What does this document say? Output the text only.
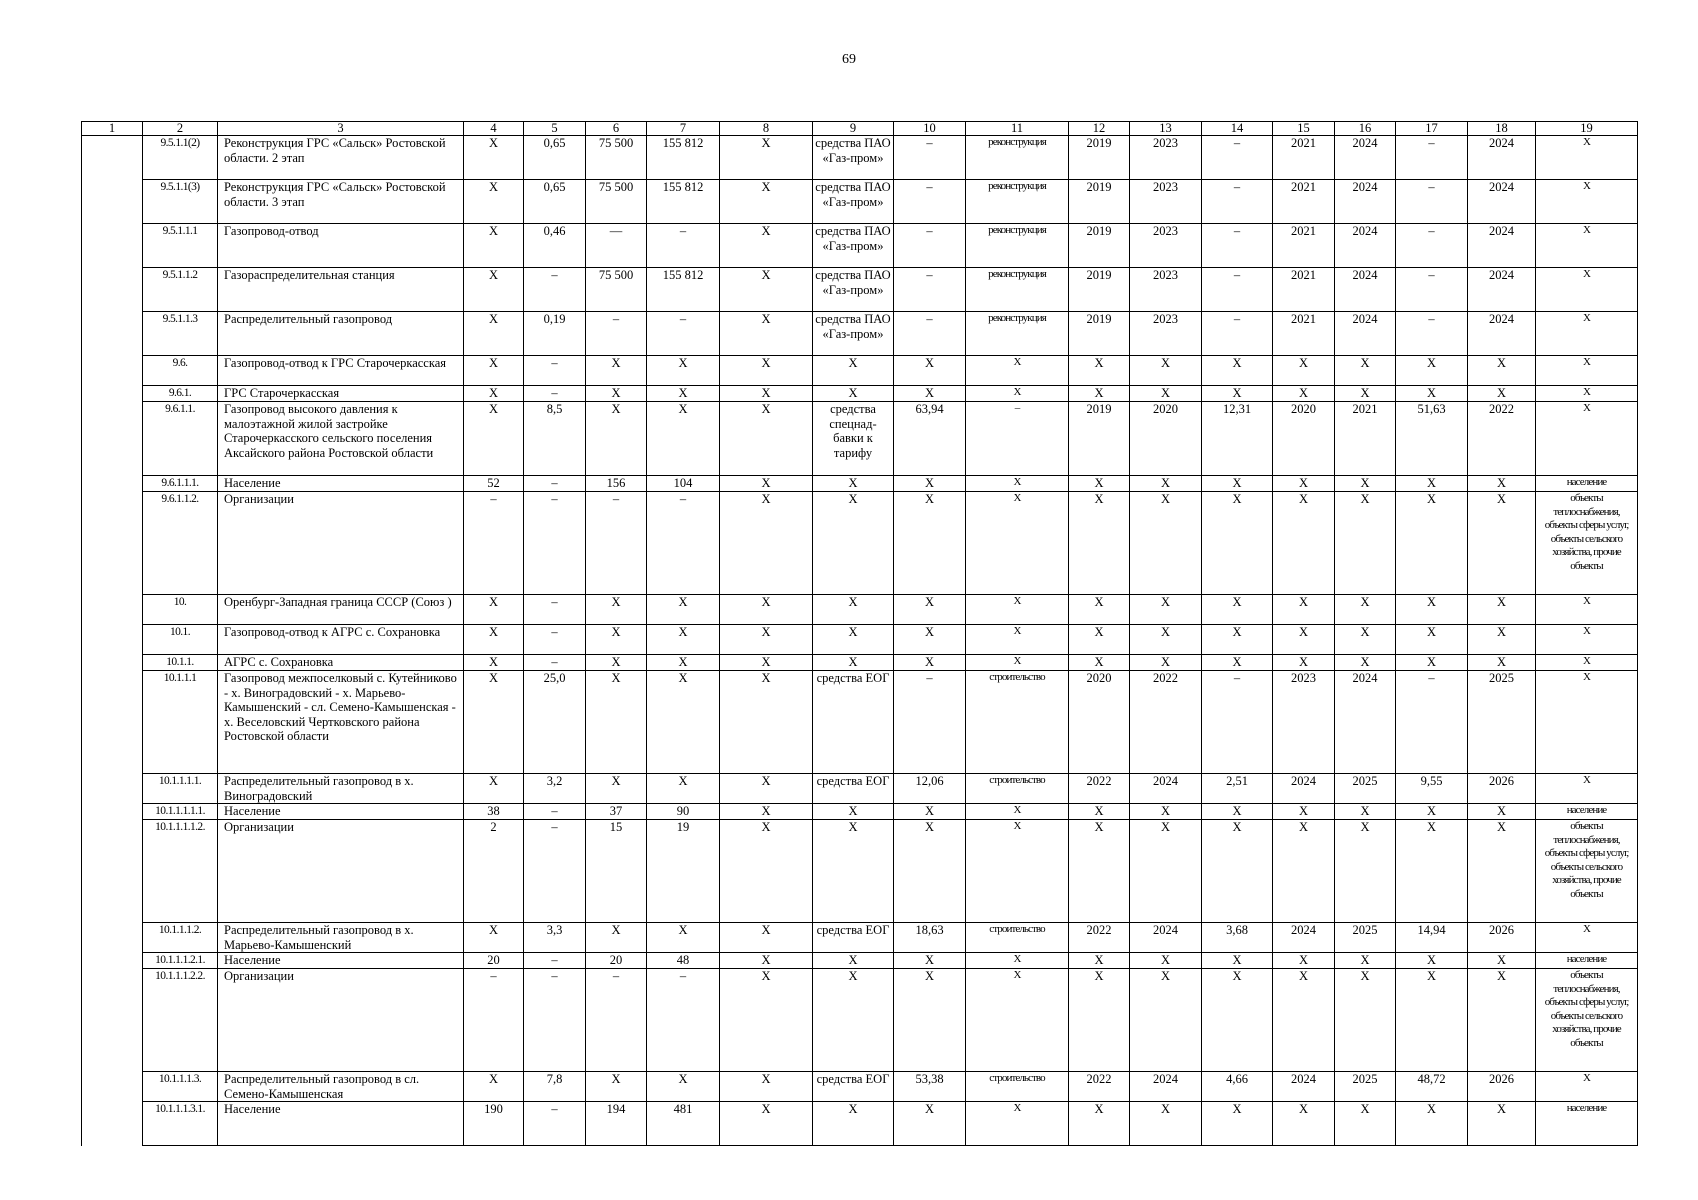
69
1	2	3	4	5	6	7	8	9	10	11	12	13	14	15	16	17	18	19
	9.5.1.1(2)	Реконструкция ГРС «Сальск» Ростовской области. 2 этап	Х	0,65	75 500	155 812	Х	средства ПАО «Газ-пром»	–	реконструкция	2019	2023	–	2021	2024	–	2024	Х
	9.5.1.1(3)	Реконструкция ГРС «Сальск» Ростовской области. 3 этап	Х	0,65	75 500	155 812	Х	средства ПАО «Газ-пром»	–	реконструкция	2019	2023	–	2021	2024	–	2024	Х
	9.5.1.1.1	Газопровод-отвод	Х	0,46	—	–	Х	средства ПАО «Газ-пром»	–	реконструкция	2019	2023	–	2021	2024	–	2024	Х
	9.5.1.1.2	Газораспределительная станция	Х	–	75 500	155 812	Х	средства ПАО «Газ-пром»	–	реконструкция	2019	2023	–	2021	2024	–	2024	Х
	9.5.1.1.3	Распределительный газопровод	Х	0,19	–	–	Х	средства ПАО «Газ-пром»	–	реконструкция	2019	2023	–	2021	2024	–	2024	Х
	9.6.	Газопровод-отвод к ГРС Старочеркасская	Х	–	Х	Х	Х	Х	Х	Х	Х	Х	Х	Х	Х	Х	Х	Х
	9.6.1.	ГРС Старочеркасская	Х	–	Х	Х	Х	Х	Х	Х	Х	Х	Х	Х	Х	Х	Х	Х
	9.6.1.1.	Газопровод высокого давления к малоэтажной жилой застройке Старочеркасского сельского поселения Аксайского района Ростовской области	Х	8,5	Х	Х	Х	средства спецнад-бавки к тарифу	63,94	–	2019	2020	12,31	2020	2021	51,63	2022	Х
	9.6.1.1.1.	Население	52	–	156	104	Х	Х	Х	Х	Х	Х	Х	Х	Х	Х	Х	население
	9.6.1.1.2.	Организации	–	–	–	–	Х	Х	Х	Х	Х	Х	Х	Х	Х	Х	Х	объекты теплоснабжения, объекты сферы услуг, объекты сельского хозяйства, прочие объекты
	10.	Оренбург-Западная граница СССР (Союз )	Х	–	Х	Х	Х	Х	Х	Х	Х	Х	Х	Х	Х	Х	Х	Х
	10.1.	Газопровод-отвод к АГРС с. Сохрановка	Х	–	Х	Х	Х	Х	Х	Х	Х	Х	Х	Х	Х	Х	Х	Х
	10.1.1.	АГРС с. Сохрановка	Х	–	Х	Х	Х	Х	Х	Х	Х	Х	Х	Х	Х	Х	Х	Х
	10.1.1.1	Газопровод межпоселковый с. Кутейниково - х. Виноградовский - х. Марьево-Камышенский - сл. Семено-Камышенская - х. Веселовский Чертковского района Ростовской области	Х	25,0	Х	Х	Х	средства ЕОГ	–	строительство	2020	2022	–	2023	2024	–	2025	Х
	10.1.1.1.1.	Распределительный газопровод в х. Виноградовский	Х	3,2	Х	Х	Х	средства ЕОГ	12,06	строительство	2022	2024	2,51	2024	2025	9,55	2026	Х
	10.1.1.1.1.1.	Население	38	–	37	90	Х	Х	Х	Х	Х	Х	Х	Х	Х	Х	Х	население
	10.1.1.1.1.2.	Организации	2	–	15	19	Х	Х	Х	Х	Х	Х	Х	Х	Х	Х	Х	объекты теплоснабжения, объекты сферы услуг, объекты сельского хозяйства, прочие объекты
	10.1.1.1.2.	Распределительный газопровод в х. Марьево-Камышенский	Х	3,3	Х	Х	Х	средства ЕОГ	18,63	строительство	2022	2024	3,68	2024	2025	14,94	2026	Х
	10.1.1.1.2.1.	Население	20	–	20	48	Х	Х	Х	Х	Х	Х	Х	Х	Х	Х	Х	население
	10.1.1.1.2.2.	Организации	–	–	–	–	Х	Х	Х	Х	Х	Х	Х	Х	Х	Х	Х	объекты теплоснабжения, объекты сферы услуг, объекты сельского хозяйства, прочие объекты
	10.1.1.1.3.	Распределительный газопровод в сл. Семено-Камышенская	Х	7,8	Х	Х	Х	средства ЕОГ	53,38	строительство	2022	2024	4,66	2024	2025	48,72	2026	Х
	10.1.1.1.3.1.	Население	190	–	194	481	Х	Х	Х	Х	Х	Х	Х	Х	Х	Х	Х	население
